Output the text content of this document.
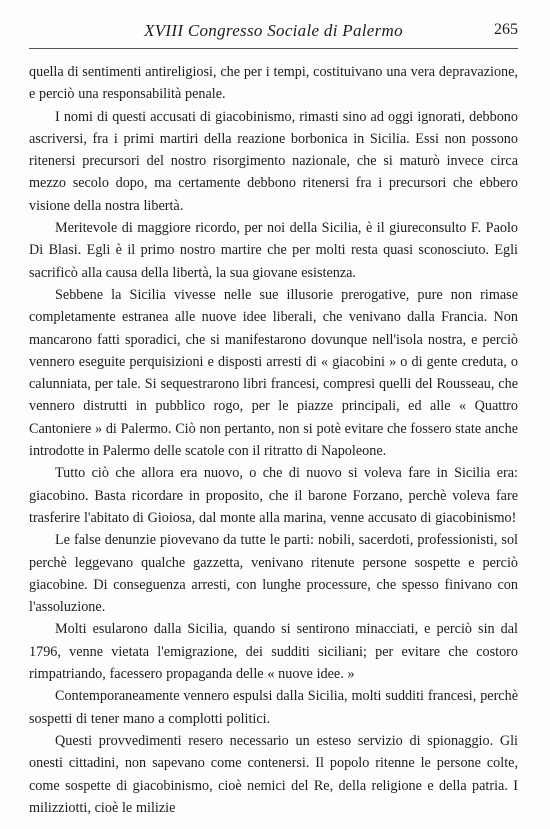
XVIII Congresso Sociale di Palermo	265

quella di sentimenti antireligiosi, che per i tempi, costituivano una vera depravazione, e perciò una responsabilità penale.

I nomi di questi accusati di giacobinismo, rimasti sino ad oggi ignorati, debbono ascriversi, fra i primi martiri della reazione borbonica in Sicilia. Essi non possono ritenersi precursori del nostro risorgimento nazionale, che si maturò invece circa mezzo secolo dopo, ma certamente debbono ritenersi fra i precursori che ebbero visione della nostra libertà.

Meritevole di maggiore ricordo, per noi della Sicilia, è il giureconsulto F. Paolo Di Blasi. Egli è il primo nostro martire che per molti resta quasi sconosciuto. Egli sacrificò alla causa della libertà, la sua giovane esistenza.

Sebbene la Sicilia vivesse nelle sue illusorie prerogative, pure non rimase completamente estranea alle nuove idee liberali, che venivano dalla Francia. Non mancarono fatti sporadici, che si manifestarono dovunque nell'isola nostra, e perciò vennero eseguite perquisizioni e disposti arresti di « giacobini » o di gente creduta, o calunniata, per tale. Si sequestrarono libri francesi, compresi quelli del Rousseau, che vennero distrutti in pubblico rogo, per le piazze principali, ed alle « Quattro Cantoniere » di Palermo. Ciò non pertanto, non si potè evitare che fossero state anche introdotte in Palermo delle scatole con il ritratto di Napoleone.

Tutto ciò che allora era nuovo, o che di nuovo si voleva fare in Sicilia era: giacobino. Basta ricordare in proposito, che il barone Forzano, perchè voleva fare trasferire l'abitato di Gioiosa, dal monte alla marina, venne accusato di giacobinismo!

Le false denunzie piovevano da tutte le parti: nobili, sacerdoti, professionisti, sol perchè leggevano qualche gazzetta, venivano ritenute persone sospette e perciò giacobine. Di conseguenza arresti, con lunghe processure, che spesso finivano con l'assoluzione.

Molti esularono dalla Sicilia, quando si sentirono minacciati, e perciò sin dal 1796, venne vietata l'emigrazione, dei sudditi siciliani; per evitare che costoro rimpatriando, facessero propaganda delle « nuove idee. »

Contemporaneamente vennero espulsi dalla Sicilia, molti sudditi francesi, perchè sospetti di tener mano a complotti politici.

Questi provvedimenti resero necessario un esteso servizio di spionaggio. Gli onesti cittadini, non sapevano come contenersi. Il popolo ritenne le persone colte, come sospette di giacobinismo, cioè nemici del Re, della religione e della patria. I milizziotti, cioè le milizie
